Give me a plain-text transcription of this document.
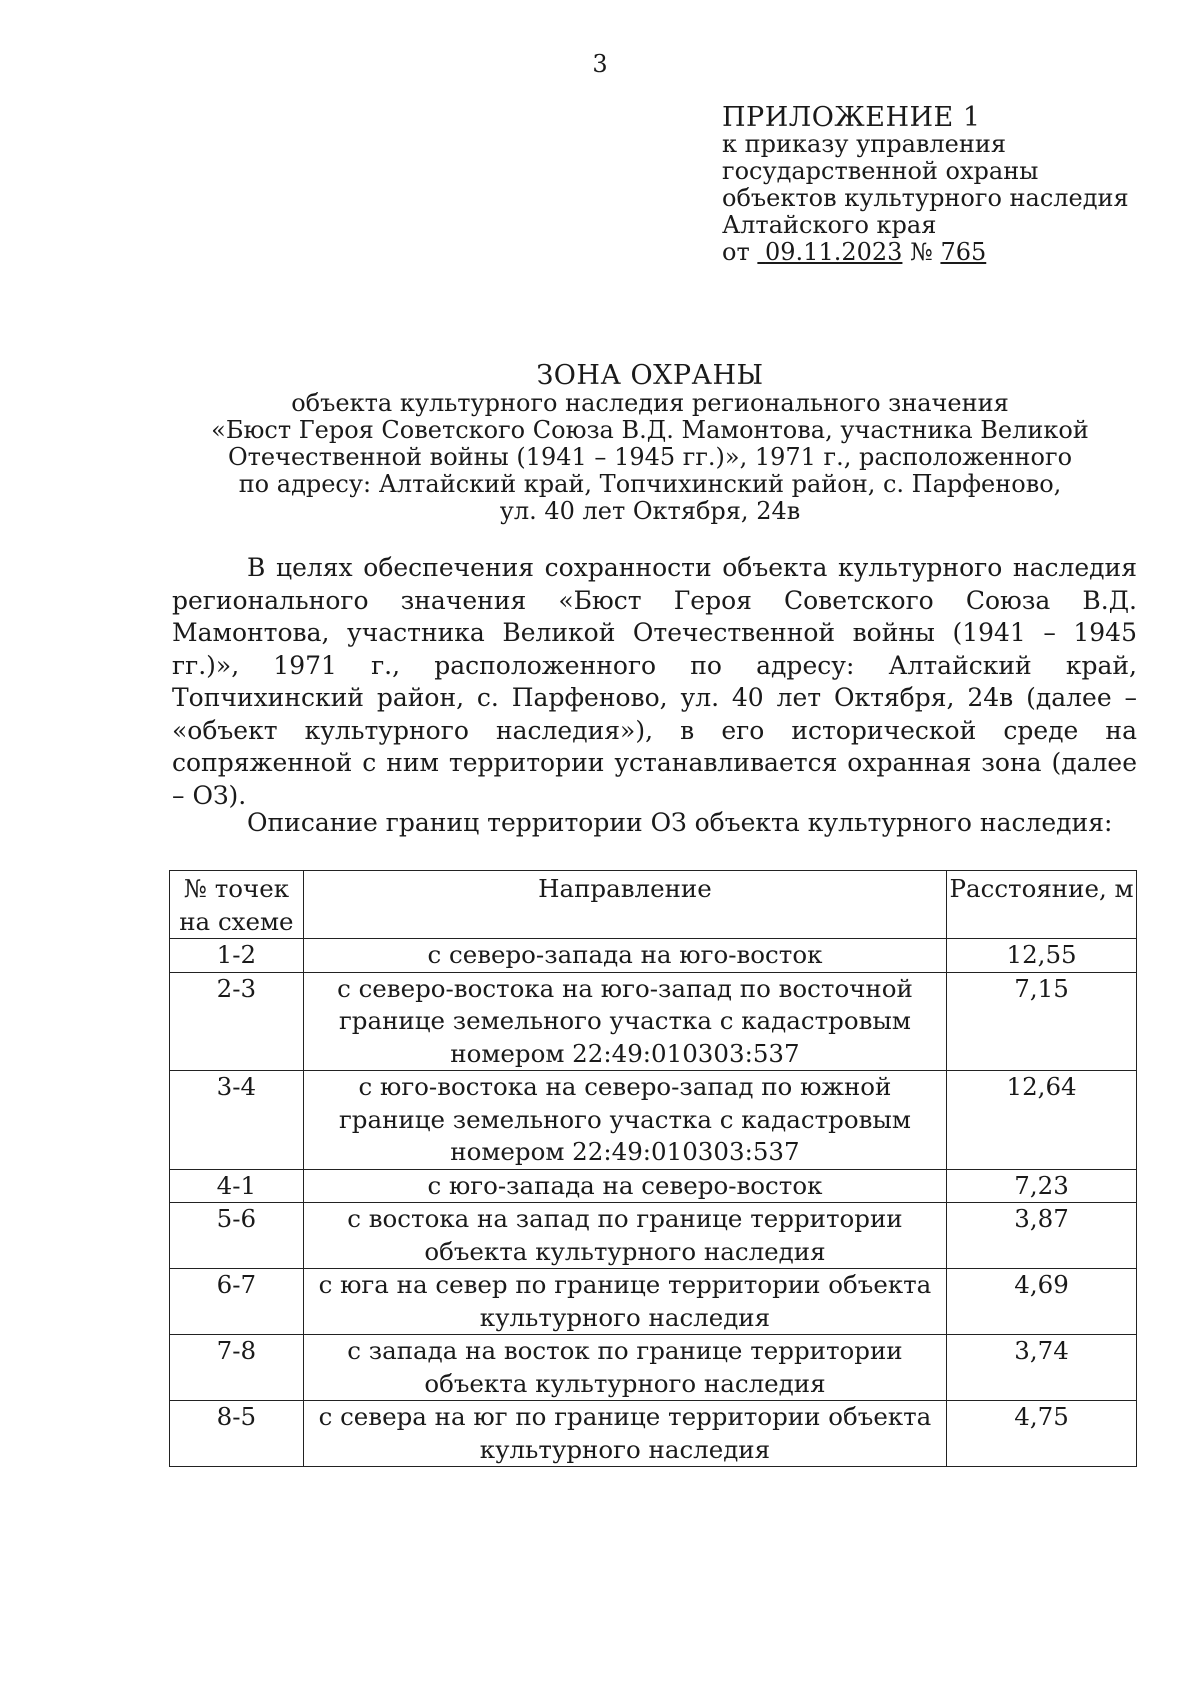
3
ПРИЛОЖЕНИЕ 1
к приказу управления
государственной охраны
объектов культурного наследия
Алтайского края
от 09.11.2023 № 765
ЗОНА ОХРАНЫ
объекта культурного наследия регионального значения
«Бюст Героя Советского Союза В.Д. Мамонтова, участника Великой
Отечественной войны (1941 – 1945 гг.)», 1971 г., расположенного
по адресу: Алтайский край, Топчихинский район, с. Парфеново,
ул. 40 лет Октября, 24в

В целях обеспечения сохранности объекта культурного наследия регионального значения «Бюст Героя Советского Союза В.Д. Мамонтова, участника Великой Отечественной войны (1941 – 1945 гг.)», 1971 г., расположенного по адресу: Алтайский край, Топчихинский район, с. Парфеново, ул. 40 лет Октября, 24в (далее – «объект культурного наследия»), в его исторической среде на сопряженной с ним территории устанавливается охранная зона (далее – ОЗ).

Описание границ территории ОЗ объекта культурного наследия:
№ точек на схеме	Направление	Расстояние, м
1-2	с северо-запада на юго-восток	12,55
2-3	с северо-востока на юго-запад по восточной границе земельного участка с кадастровым номером 22:49:010303:537	7,15
3-4	с юго-востока на северо-запад по южной границе земельного участка с кадастровым номером 22:49:010303:537	12,64
4-1	с юго-запада на северо-восток	7,23
5-6	с востока на запад по границе территории объекта культурного наследия	3,87
6-7	с юга на север по границе территории объекта культурного наследия	4,69
7-8	с запада на восток по границе территории объекта культурного наследия	3,74
8-5	с севера на юг по границе территории объекта культурного наследия	4,75
